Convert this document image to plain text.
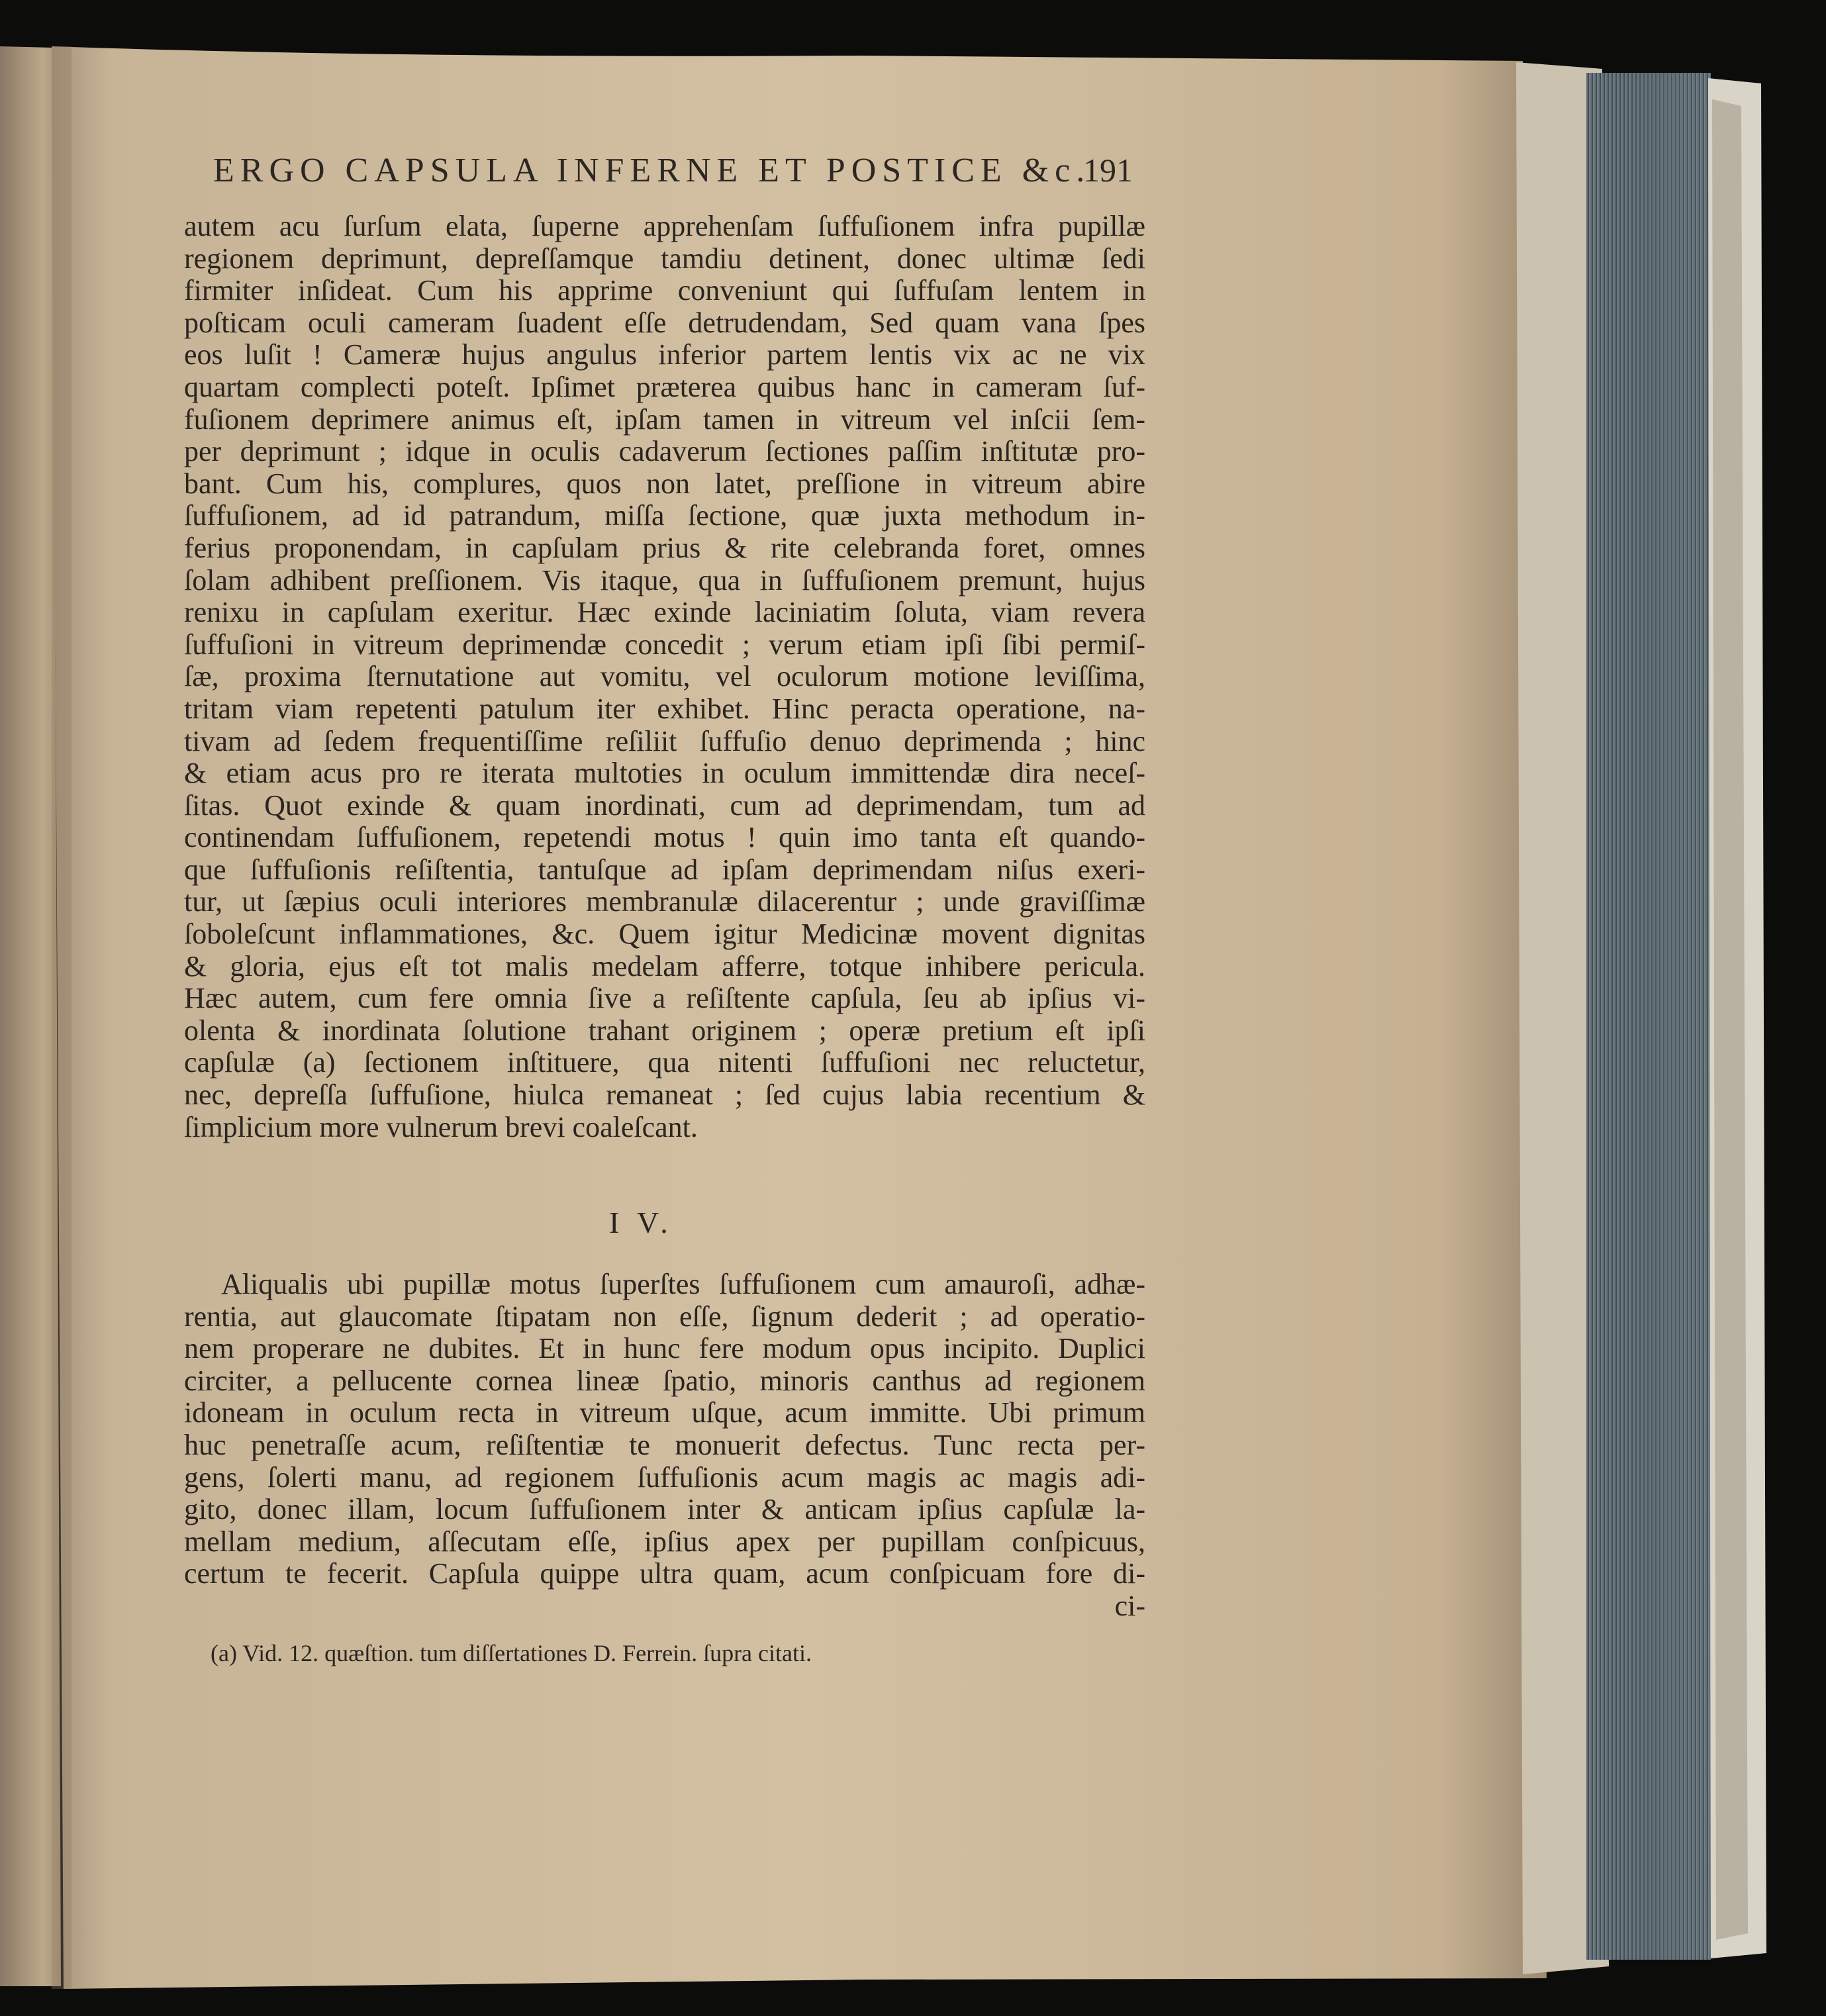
ERGO CAPSULA INFERNE ET POSTICE &c.
191
autem acu ſurſum elata, ſuperne apprehenſam ſuffuſionem infra pupillæ
regionem deprimunt, depreſſamque tamdiu detinent, donec ultimæ ſedi
firmiter inſideat. Cum his apprime conveniunt qui ſuffuſam lentem in
poſticam oculi cameram ſuadent eſſe detrudendam, Sed quam vana ſpes
eos luſit ! Cameræ hujus angulus inferior partem lentis vix ac ne vix
quartam complecti poteſt. Ipſimet præterea quibus hanc in cameram ſuf-
fuſionem deprimere animus eſt, ipſam tamen in vitreum vel inſcii ſem-
per deprimunt ; idque in oculis cadaverum ſectiones paſſim inſtitutæ pro-
bant. Cum his, complures, quos non latet, preſſione in vitreum abire
ſuffuſionem, ad id patrandum, miſſa ſectione, quæ juxta methodum in-
ferius proponendam, in capſulam prius & rite celebranda foret, omnes
ſolam adhibent preſſionem. Vis itaque, qua in ſuffuſionem premunt, hujus
renixu in capſulam exeritur. Hæc exinde laciniatim ſoluta, viam revera
ſuffuſioni in vitreum deprimendæ concedit ; verum etiam ipſi ſibi permiſ-
ſæ, proxima ſternutatione aut vomitu, vel oculorum motione leviſſima,
tritam viam repetenti patulum iter exhibet. Hinc peracta operatione, na-
tivam ad ſedem frequentiſſime reſiliit ſuffuſio denuo deprimenda ; hinc
& etiam acus pro re iterata multoties in oculum immittendæ dira neceſ-
ſitas. Quot exinde & quam inordinati, cum ad deprimendam, tum ad
continendam ſuffuſionem, repetendi motus ! quin imo tanta eſt quando-
que ſuffuſionis reſiſtentia, tantuſque ad ipſam deprimendam niſus exeri-
tur, ut ſæpius oculi interiores membranulæ dilacerentur ; unde graviſſimæ
ſoboleſcunt inflammationes, &c. Quem igitur Medicinæ movent dignitas
& gloria, ejus eſt tot malis medelam afferre, totque inhibere pericula.
Hæc autem, cum fere omnia ſive a reſiſtente capſula, ſeu ab ipſius vi-
olenta & inordinata ſolutione trahant originem ; operæ pretium eſt ipſi
capſulæ (a) ſectionem inſtituere, qua nitenti ſuffuſioni nec reluctetur,
nec, depreſſa ſuffuſione, hiulca remaneat ; ſed cujus labia recentium &
ſimplicium more vulnerum brevi coaleſcant.
I V.
Aliqualis ubi pupillæ motus ſuperſtes ſuffuſionem cum amauroſi, adhæ-
rentia, aut glaucomate ſtipatam non eſſe, ſignum dederit ; ad operatio-
nem properare ne dubites. Et in hunc fere modum opus incipito. Duplici
circiter, a pellucente cornea lineæ ſpatio, minoris canthus ad regionem
idoneam in oculum recta in vitreum uſque, acum immitte. Ubi primum
huc penetraſſe acum, reſiſtentiæ te monuerit defectus. Tunc recta per-
gens, ſolerti manu, ad regionem ſuffuſionis acum magis ac magis adi-
gito, donec illam, locum ſuffuſionem inter & anticam ipſius capſulæ la-
mellam medium, aſſecutam eſſe, ipſius apex per pupillam conſpicuus,
certum te fecerit. Capſula quippe ultra quam, acum conſpicuam fore di-
ci-
(a) Vid. 12. quæſtion. tum diſſertationes D. Ferrein. ſupra citati.
